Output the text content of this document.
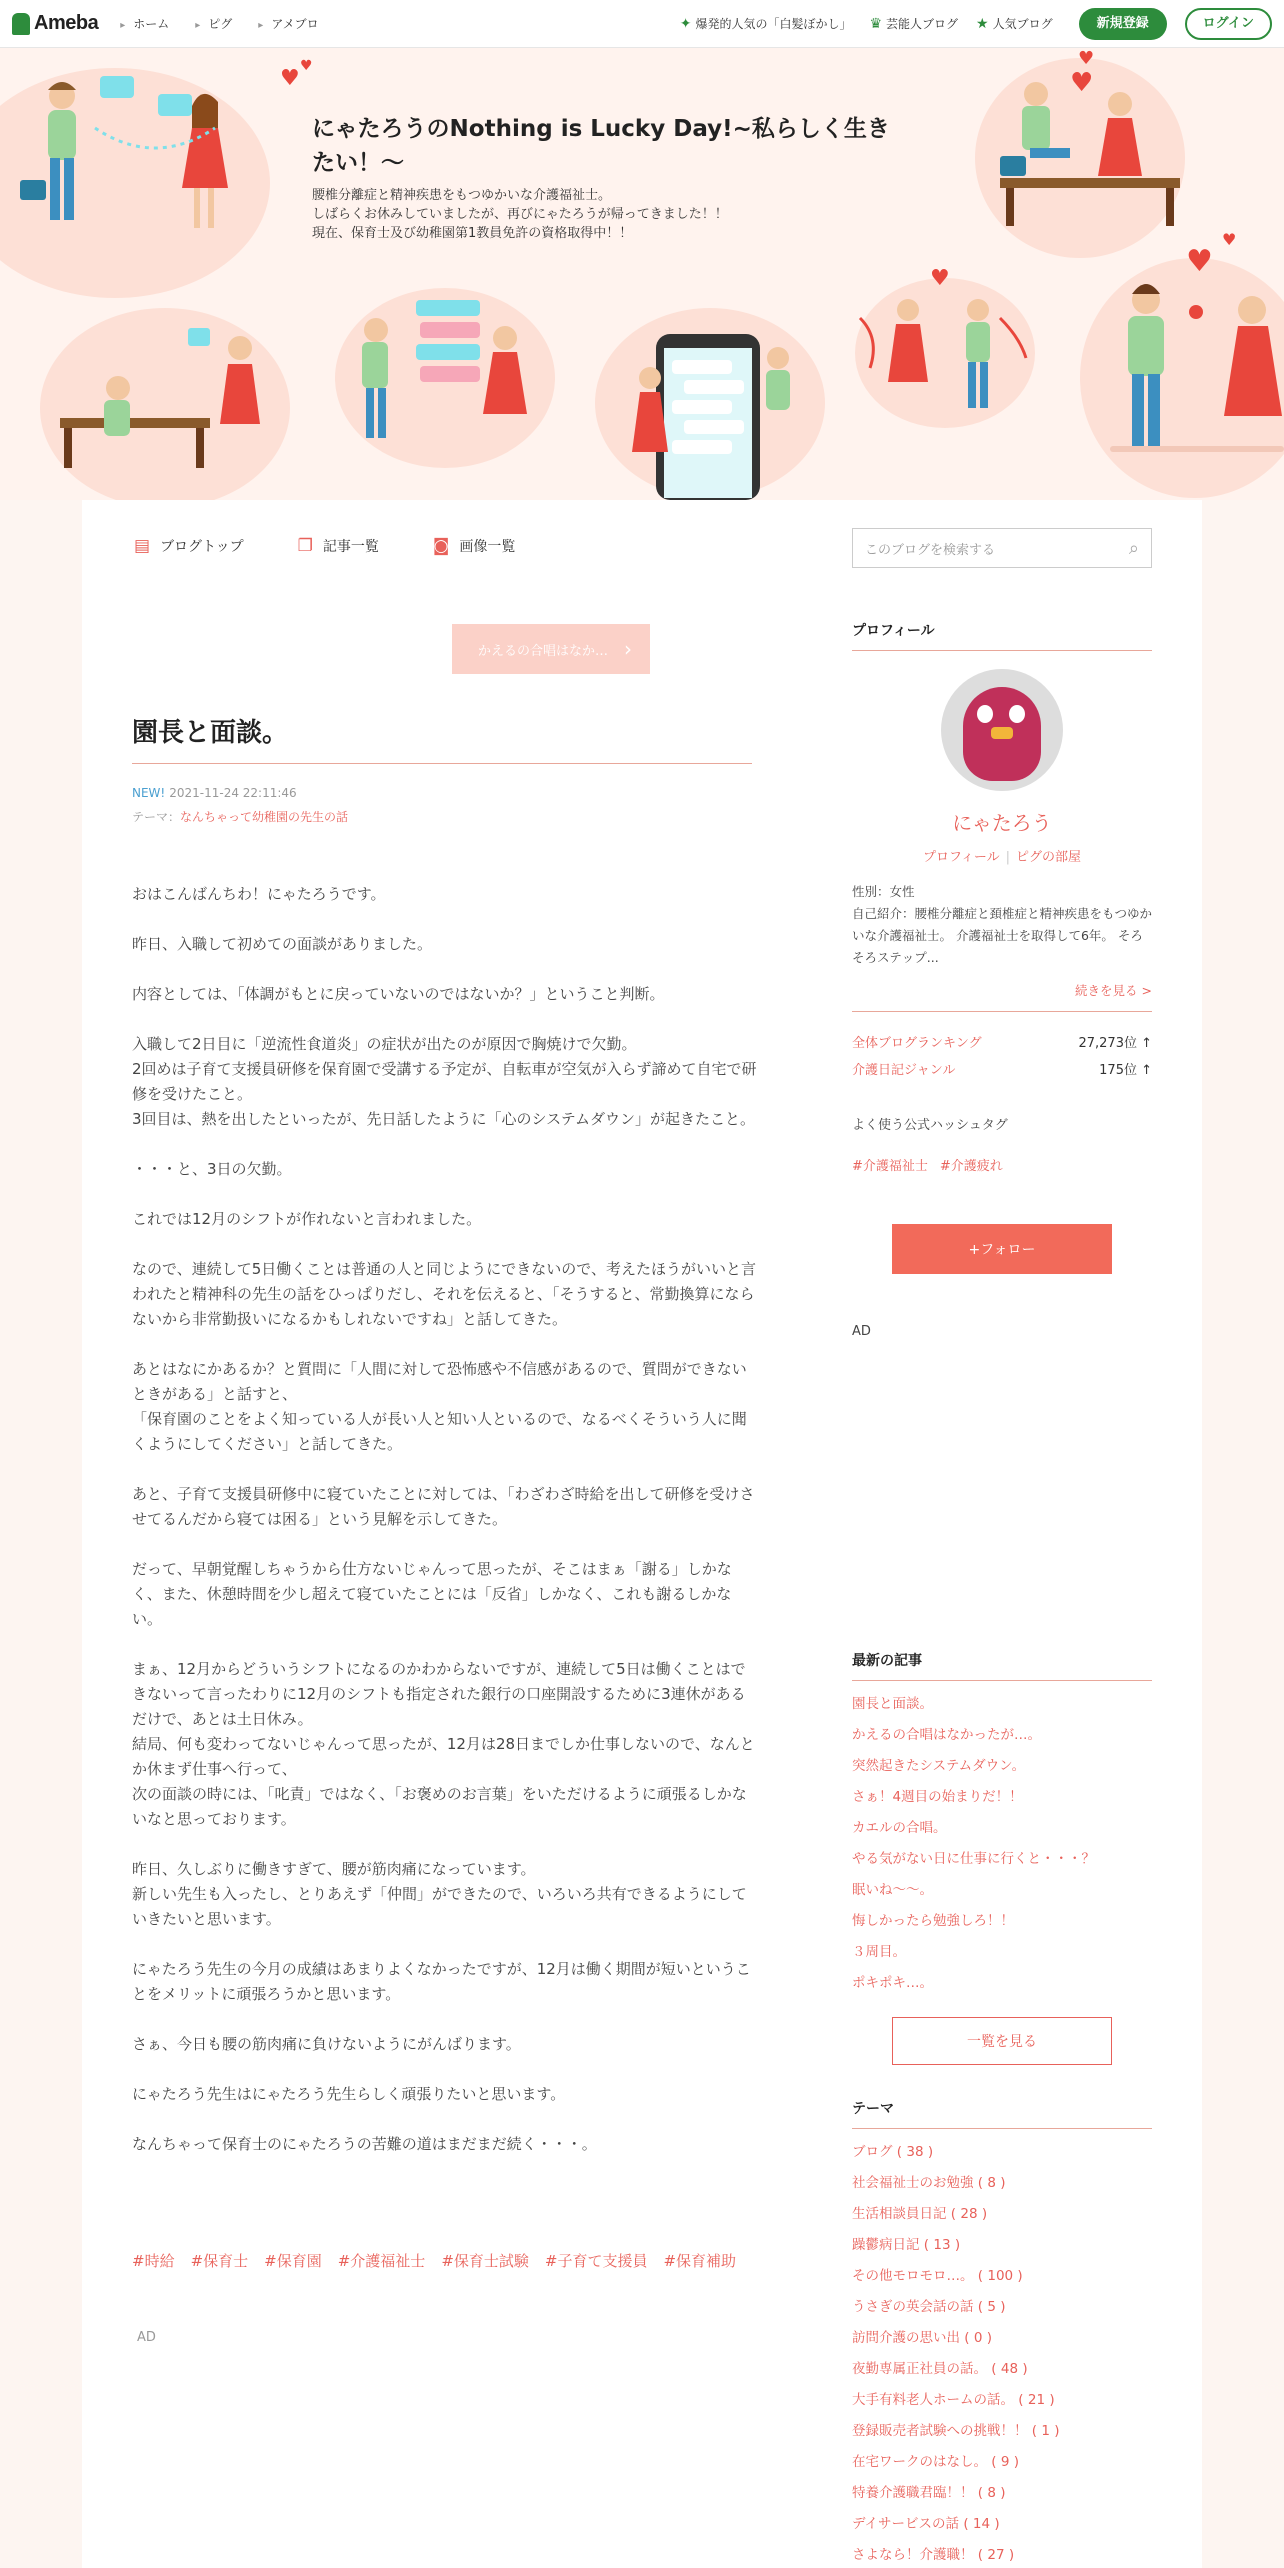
Ameba	▸ ホーム	▸ ピグ	▸ アメブロ	✦ 爆発的人気の「白髪ぼかし」 ♛ 芸能人ブログ ★ 人気ブログ	新規登録	ログイン
♥ ♥
♥
♥
♥
♥
♥
にゃたろうのNothing is Lucky Day!~私らしく生きたい！〜
腰椎分離症と精神疾患をもつゆかいな介護福祉士。
しばらくお休みしていましたが、再びにゃたろうが帰ってきました！！
現在、保育士及び幼稚園第1教員免許の資格取得中！！
▤ ブログトップ	❐ 記事一覧	◙ 画像一覧	このブログを検索する	⌕
かえるの合唱はなか… ›
園長と面談。
NEW! 2021-11-24 22:11:46
テーマ：なんちゃって幼稚園の先生の話

おはこんばんちわ！にゃたろうです。

昨日、入職して初めての面談がありました。

内容としては、「体調がもとに戻っていないのではないか？」ということ判断。

入職して2日目に「逆流性食道炎」の症状が出たのが原因で胸焼けで欠勤。
2回めは子育て支援員研修を保育園で受講する予定が、自転車が空気が入らず諦めて自宅で研修を受けたこと。
3回目は、熱を出したといったが、先日話したように「心のシステムダウン」が起きたこと。

・・・と、3日の欠勤。

これでは12月のシフトが作れないと言われました。

なので、連続して5日働くことは普通の人と同じようにできないので、考えたほうがいいと言われたと精神科の先生の話をひっぱりだし、それを伝えると、「そうすると、常勤換算にならないから非常勤扱いになるかもしれないですね」と話してきた。

あとはなにかあるか？と質問に「人間に対して恐怖感や不信感があるので、質問ができないときがある」と話すと、
「保育園のことをよく知っている人が長い人と知い人といるので、なるべくそういう人に聞くようにしてください」と話してきた。

あと、子育て支援員研修中に寝ていたことに対しては、「わざわざ時給を出して研修を受けさせてるんだから寝ては困る」という見解を示してきた。

だって、早朝覚醒しちゃうから仕方ないじゃんって思ったが、そこはまぁ「謝る」しかなく、また、休憩時間を少し超えて寝ていたことには「反省」しかなく、これも謝るしかない。

まぁ、12月からどういうシフトになるのかわからないですが、連続して5日は働くことはできないって言ったわりに12月のシフトも指定された銀行の口座開設するために3連休があるだけで、あとは土日休み。
結局、何も変わってないじゃんって思ったが、12月は28日までしか仕事しないので、なんとか休まず仕事へ行って、
次の面談の時には、「叱責」ではなく、「お褒めのお言葉」をいただけるように頑張るしかないなと思っております。

昨日、久しぶりに働きすぎて、腰が筋肉痛になっています。
新しい先生も入ったし、とりあえず「仲間」ができたので、いろいろ共有できるようにしていきたいと思います。

にゃたろう先生の今月の成績はあまりよくなかったですが、12月は働く期間が短いということをメリットに頑張ろうかと思います。

さぁ、今日も腰の筋肉痛に負けないようにがんばります。

にゃたろう先生はにゃたろう先生らしく頑張りたいと思います。

なんちゃって保育士のにゃたろうの苦難の道はまだまだ続く・・・。

#時給 #保育士 #保育園 #介護福祉士 #保育士試験 #子育て支援員 #保育補助
AD
プロフィール
にゃたろう
プロフィール | ピグの部屋
性別：女性
自己紹介：腰椎分離症と頚椎症と精神疾患をもつゆかいな介護福祉士。 介護福祉士を取得して6年。 そろそろステップ...
続きを見る >
全体ブログランキング	27,273位 ↑
介護日記ジャンル	175位 ↑
よく使う公式ハッシュタグ
#介護福祉士 #介護疲れ
+フォロー
AD
最新の記事
園長と面談。
かえるの合唱はなかったが…。
突然起きたシステムダウン。
さぁ！4週目の始まりだ！！
カエルの合唱。
やる気がない日に仕事に行くと・・・？
眠いね〜〜。
悔しかったら勉強しろ！！
３周目。
ポキポキ…。
一覧を見る
テーマ
ブログ ( 38 )
社会福祉士のお勉強 ( 8 )
生活相談員日記 ( 28 )
躁鬱病日記 ( 13 )
その他モロモロ…。 ( 100 )
うさぎの英会話の話 ( 5 )
訪問介護の思い出 ( 0 )
夜勤専属正社員の話。 ( 48 )
大手有料老人ホームの話。 ( 21 )
登録販売者試験への挑戦！！ ( 1 )
在宅ワークのはなし。 ( 9 )
特養介護職君臨！！ ( 8 )
デイサービスの話 ( 14 )
さよなら！介護職！ ( 27 )
